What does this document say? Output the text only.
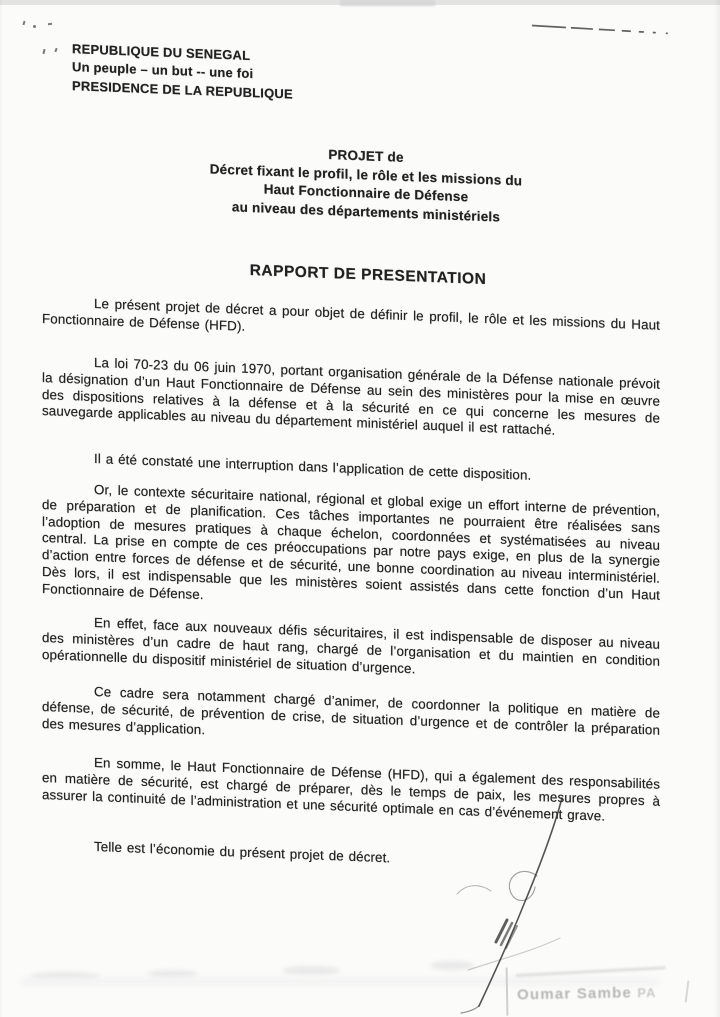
REPUBLIQUE DU SENEGAL
Un peuple – un but -- une foi
PRESIDENCE DE LA REPUBLIQUE
PROJET de
Décret fixant le profil, le rôle et les missions du
Haut Fonctionnaire de Défense
au niveau des départements ministériels
RAPPORT DE PRESENTATION

Le présent projet de décret a pour objet de définir le profil, le rôle et les missions du Haut Fonctionnaire de Défense (HFD).

La loi 70-23 du 06 juin 1970, portant organisation générale de la Défense nationale prévoit la désignation d’un Haut Fonctionnaire de Défense au sein des ministères pour la mise en œuvre des dispositions relatives à la défense et à la sécurité en ce qui concerne les mesures de sauvegarde applicables au niveau du département ministériel auquel il est rattaché.

Il a été constaté une interruption dans l’application de cette disposition.

Or, le contexte sécuritaire national, régional et global exige un effort interne de prévention, de préparation et de planification. Ces tâches importantes ne pourraient être réalisées sans l’adoption de mesures pratiques à chaque échelon, coordonnées et systématisées au niveau central. La prise en compte de ces préoccupations par notre pays exige, en plus de la synergie d’action entre forces de défense et de sécurité, une bonne coordination au niveau interministériel. Dès lors, il est indispensable que les ministères soient assistés dans cette fonction d’un Haut Fonctionnaire de Défense.

En effet, face aux nouveaux défis sécuritaires, il est indispensable de disposer au niveau des ministères d’un cadre de haut rang, chargé de l’organisation et du maintien en condition opérationnelle du dispositif ministériel de situation d’urgence.

Ce cadre sera notamment chargé d’animer, de coordonner la politique en matière de défense, de sécurité, de prévention de crise, de situation d’urgence et de contrôler la préparation des mesures d’application.

En somme, le Haut Fonctionnaire de Défense (HFD), qui a également des responsabilités en matière de sécurité, est chargé de préparer, dès le temps de paix, les mesures propres à assurer la continuité de l’administration et une sécurité optimale en cas d’événement grave.

Telle est l’économie du présent projet de décret.

Oumar Sambe PA
